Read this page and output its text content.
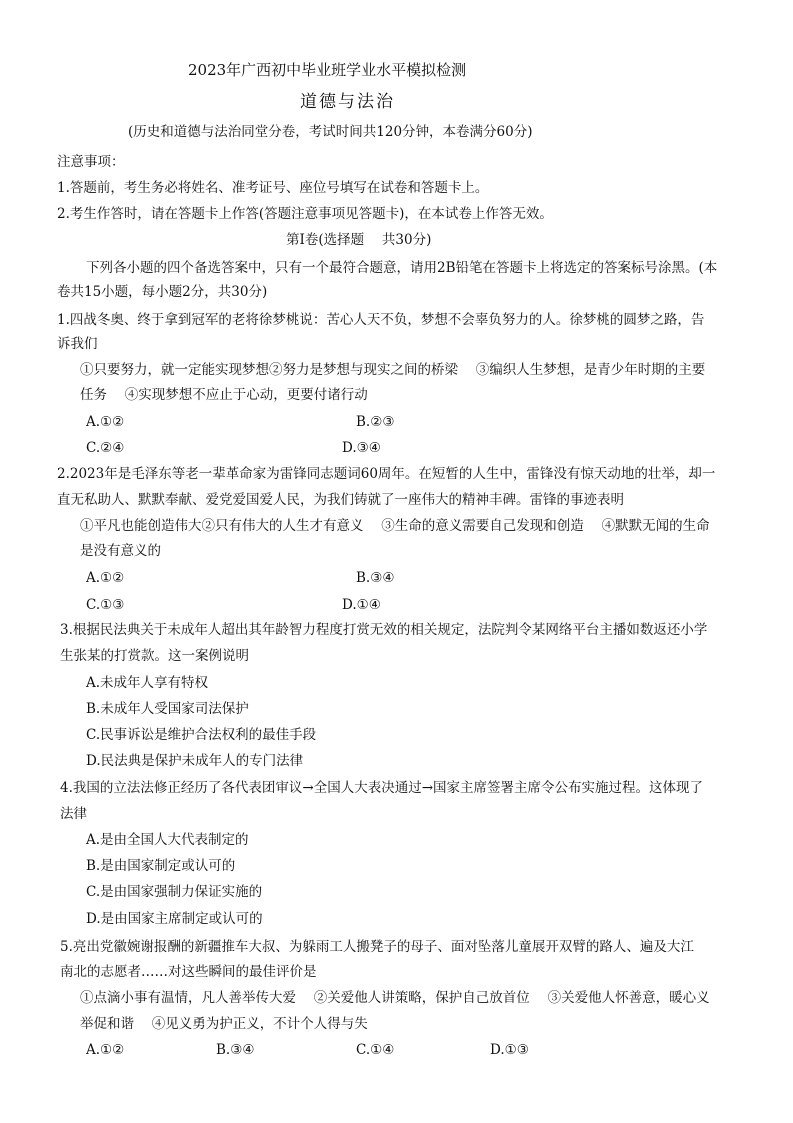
2023年广西初中毕业班学业水平模拟检测
道德与法治
(历史和道德与法治同堂分卷，考试时间共120分钟，本卷满分60分)
注意事项：
1.答题前，考生务必将姓名、准考证号、座位号填写在试卷和答题卡上。
2.考生作答时，请在答题卡上作答(答题注意事项见答题卡)，在本试卷上作答无效。
第Ⅰ卷(选择题　 共30分)
下列各小题的四个备选答案中，只有一个最符合题意，请用2B铅笔在答题卡上将选定的答案标号涂黑。(本
卷共15小题，每小题2分，共30分)
1.四战冬奥、终于拿到冠军的老将徐梦桃说：苦心人天不负，梦想不会辜负努力的人。徐梦桃的圆梦之路，告
诉我们
①只要努力，就一定能实现梦想②努力是梦想与现实之间的桥梁　 ③编织人生梦想，是青少年时期的主要
任务　 ④实现梦想不应止于心动，更要付诸行动
A.①②	B.②③
C.②④	D.③④
2.2023年是毛泽东等老一辈革命家为雷锋同志题词60周年。在短暂的人生中，雷锋没有惊天动地的壮举，却一
直无私助人、默默奉献、爱党爱国爱人民，为我们铸就了一座伟大的精神丰碑。雷锋的事迹表明
①平凡也能创造伟大②只有伟大的人生才有意义　 ③生命的意义需要自己发现和创造　 ④默默无闻的生命
是没有意义的
A.①②	B.③④
C.①③	D.①④
3.根据民法典关于未成年人超出其年龄智力程度打赏无效的相关规定，法院判令某网络平台主播如数返还小学
生张某的打赏款。这一案例说明
A.未成年人享有特权
B.未成年人受国家司法保护
C.民事诉讼是维护合法权利的最佳手段
D.民法典是保护未成年人的专门法律
4.我国的立法法修正经历了各代表团审议→全国人大表决通过→国家主席签署主席令公布实施过程。这体现了
法律
A.是由全国人大代表制定的
B.是由国家制定或认可的
C.是由国家强制力保证实施的
D.是由国家主席制定或认可的
5.亮出党徽婉谢报酬的新疆推车大叔、为躲雨工人搬凳子的母子、面对坠落儿童展开双臂的路人、遍及大江
南北的志愿者……对这些瞬间的最佳评价是
①点滴小事有温情，凡人善举传大爱　 ②关爱他人讲策略，保护自己放首位　 ③关爱他人怀善意，暖心义
举促和谐　 ④见义勇为护正义，不计个人得与失
A.①②	B.③④	C.①④	D.①③
